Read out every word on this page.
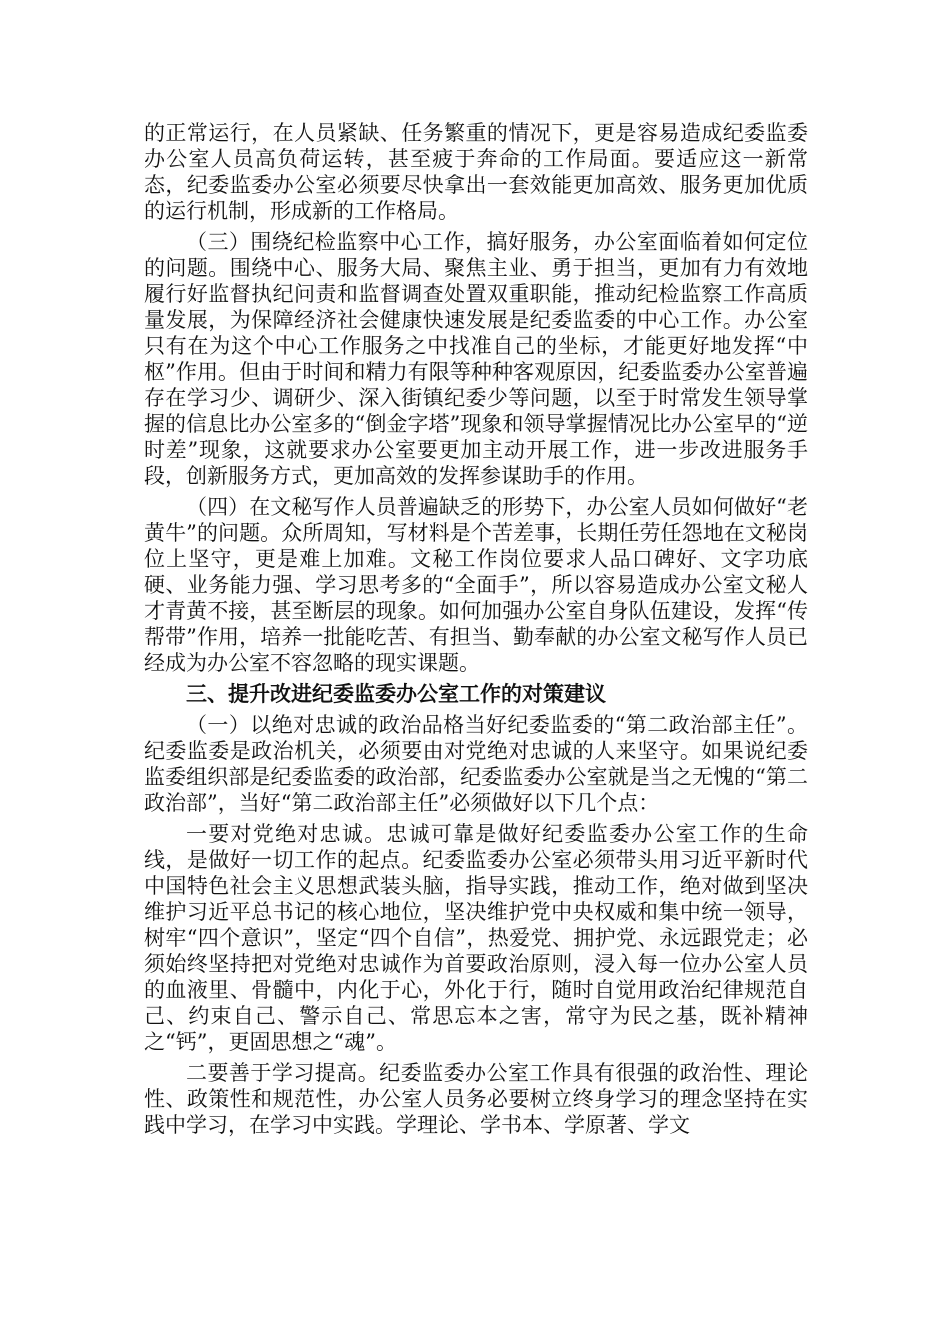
的正常运行，在人员紧缺、任务繁重的情况下，更是容易造成纪委监委办公室人员高负荷运转，甚至疲于奔命的工作局面。要适应这一新常态，纪委监委办公室必须要尽快拿出一套效能更加高效、服务更加优质的运行机制，形成新的工作格局。

（三）围绕纪检监察中心工作，搞好服务，办公室面临着如何定位的问题。围绕中心、服务大局、聚焦主业、勇于担当，更加有力有效地履行好监督执纪问责和监督调查处置双重职能，推动纪检监察工作高质量发展，为保障经济社会健康快速发展是纪委监委的中心工作。办公室只有在为这个中心工作服务之中找准自己的坐标，才能更好地发挥“中枢”作用。但由于时间和精力有限等种种客观原因，纪委监委办公室普遍存在学习少、调研少、深入街镇纪委少等问题，以至于时常发生领导掌握的信息比办公室多的“倒金字塔”现象和领导掌握情况比办公室早的“逆时差”现象，这就要求办公室要更加主动开展工作，进一步改进服务手段，创新服务方式，更加高效的发挥参谋助手的作用。

（四）在文秘写作人员普遍缺乏的形势下，办公室人员如何做好“老黄牛”的问题。众所周知，写材料是个苦差事，长期任劳任怨地在文秘岗位上坚守，更是难上加难。文秘工作岗位要求人品口碑好、文字功底硬、业务能力强、学习思考多的“全面手”，所以容易造成办公室文秘人才青黄不接，甚至断层的现象。如何加强办公室自身队伍建设，发挥“传帮带”作用，培养一批能吃苦、有担当、勤奉献的办公室文秘写作人员已经成为办公室不容忽略的现实课题。

三、提升改进纪委监委办公室工作的对策建议

（一）以绝对忠诚的政治品格当好纪委监委的“第二政治部主任”。纪委监委是政治机关，必须要由对党绝对忠诚的人来坚守。如果说纪委监委组织部是纪委监委的政治部，纪委监委办公室就是当之无愧的“第二政治部”，当好“第二政治部主任”必须做好以下几个点：

一要对党绝对忠诚。忠诚可靠是做好纪委监委办公室工作的生命线，是做好一切工作的起点。纪委监委办公室必须带头用习近平新时代中国特色社会主义思想武装头脑，指导实践，推动工作，绝对做到坚决维护习近平总书记的核心地位，坚决维护党中央权威和集中统一领导，树牢“四个意识”，坚定“四个自信”，热爱党、拥护党、永远跟党走；必须始终坚持把对党绝对忠诚作为首要政治原则，浸入每一位办公室人员的血液里、骨髓中，内化于心，外化于行，随时自觉用政治纪律规范自己、约束自己、警示自己、常思忘本之害，常守为民之基，既补精神之“钙”，更固思想之“魂”。

二要善于学习提高。纪委监委办公室工作具有很强的政治性、理论性、政策性和规范性，办公室人员务必要树立终身学习的理念坚持在实践中学习，在学习中实践。学理论、学书本、学原著、学文
